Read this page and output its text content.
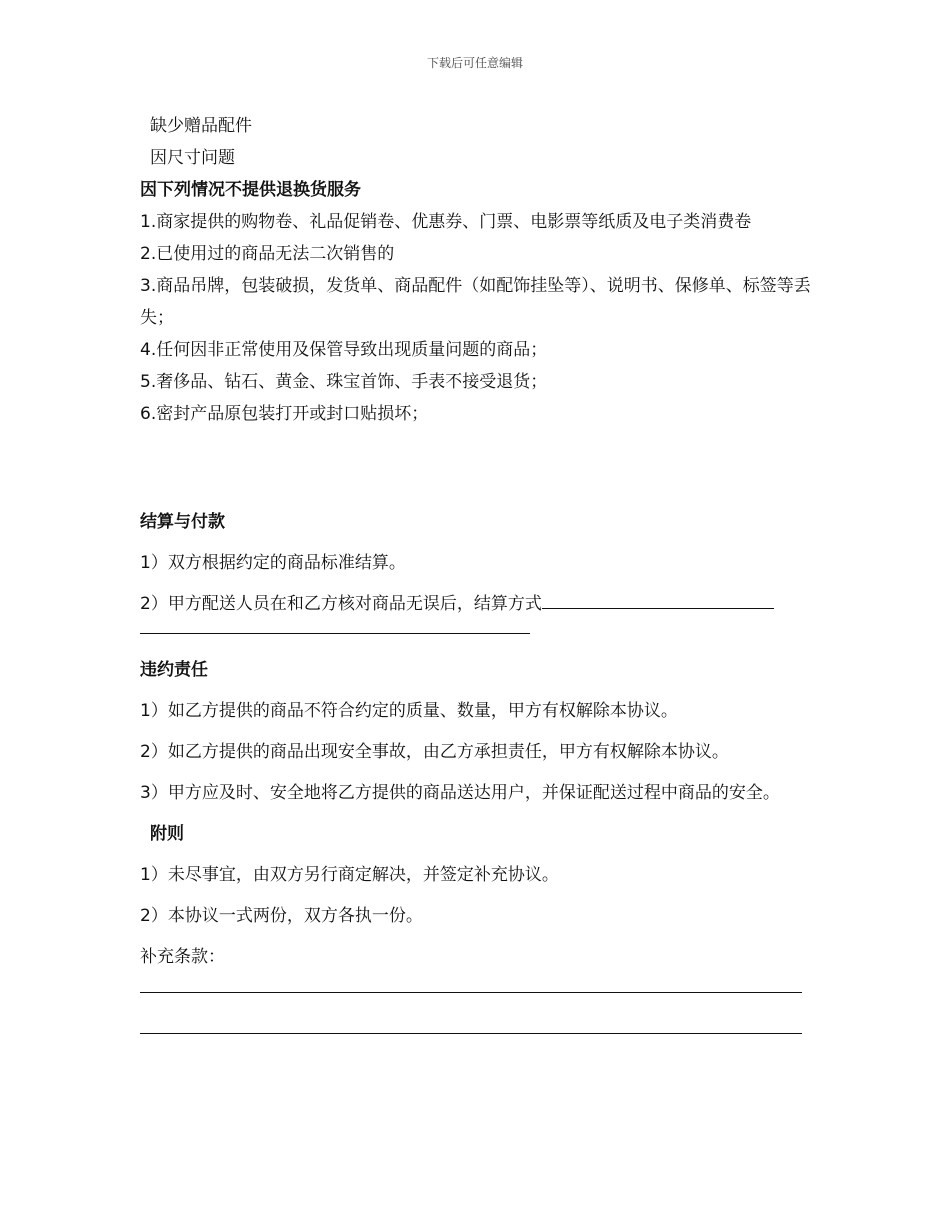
下载后可任意编辑
缺少赠品配件
因尺寸问题
因下列情况不提供退换货服务
1.商家提供的购物卷、礼品促销卷、优惠券、门票、电影票等纸质及电子类消费卷
2.已使用过的商品无法二次销售的
3.商品吊牌，包装破损，发货单、商品配件（如配饰挂坠等）、说明书、保修单、标签等丢失；
4.任何因非正常使用及保管导致出现质量问题的商品；
5.奢侈品、钻石、黄金、珠宝首饰、手表不接受退货；
6.密封产品原包装打开或封口贴损坏；
结算与付款
1）双方根据约定的商品标准结算。
2）甲方配送人员在和乙方核对商品无误后，结算方式
违约责任
1）如乙方提供的商品不符合约定的质量、数量，甲方有权解除本协议。
2）如乙方提供的商品出现安全事故，由乙方承担责任，甲方有权解除本协议。
3）甲方应及时、安全地将乙方提供的商品送达用户，并保证配送过程中商品的安全。
附则
1）未尽事宜，由双方另行商定解决，并签定补充协议。
2）本协议一式两份，双方各执一份。
补充条款：
